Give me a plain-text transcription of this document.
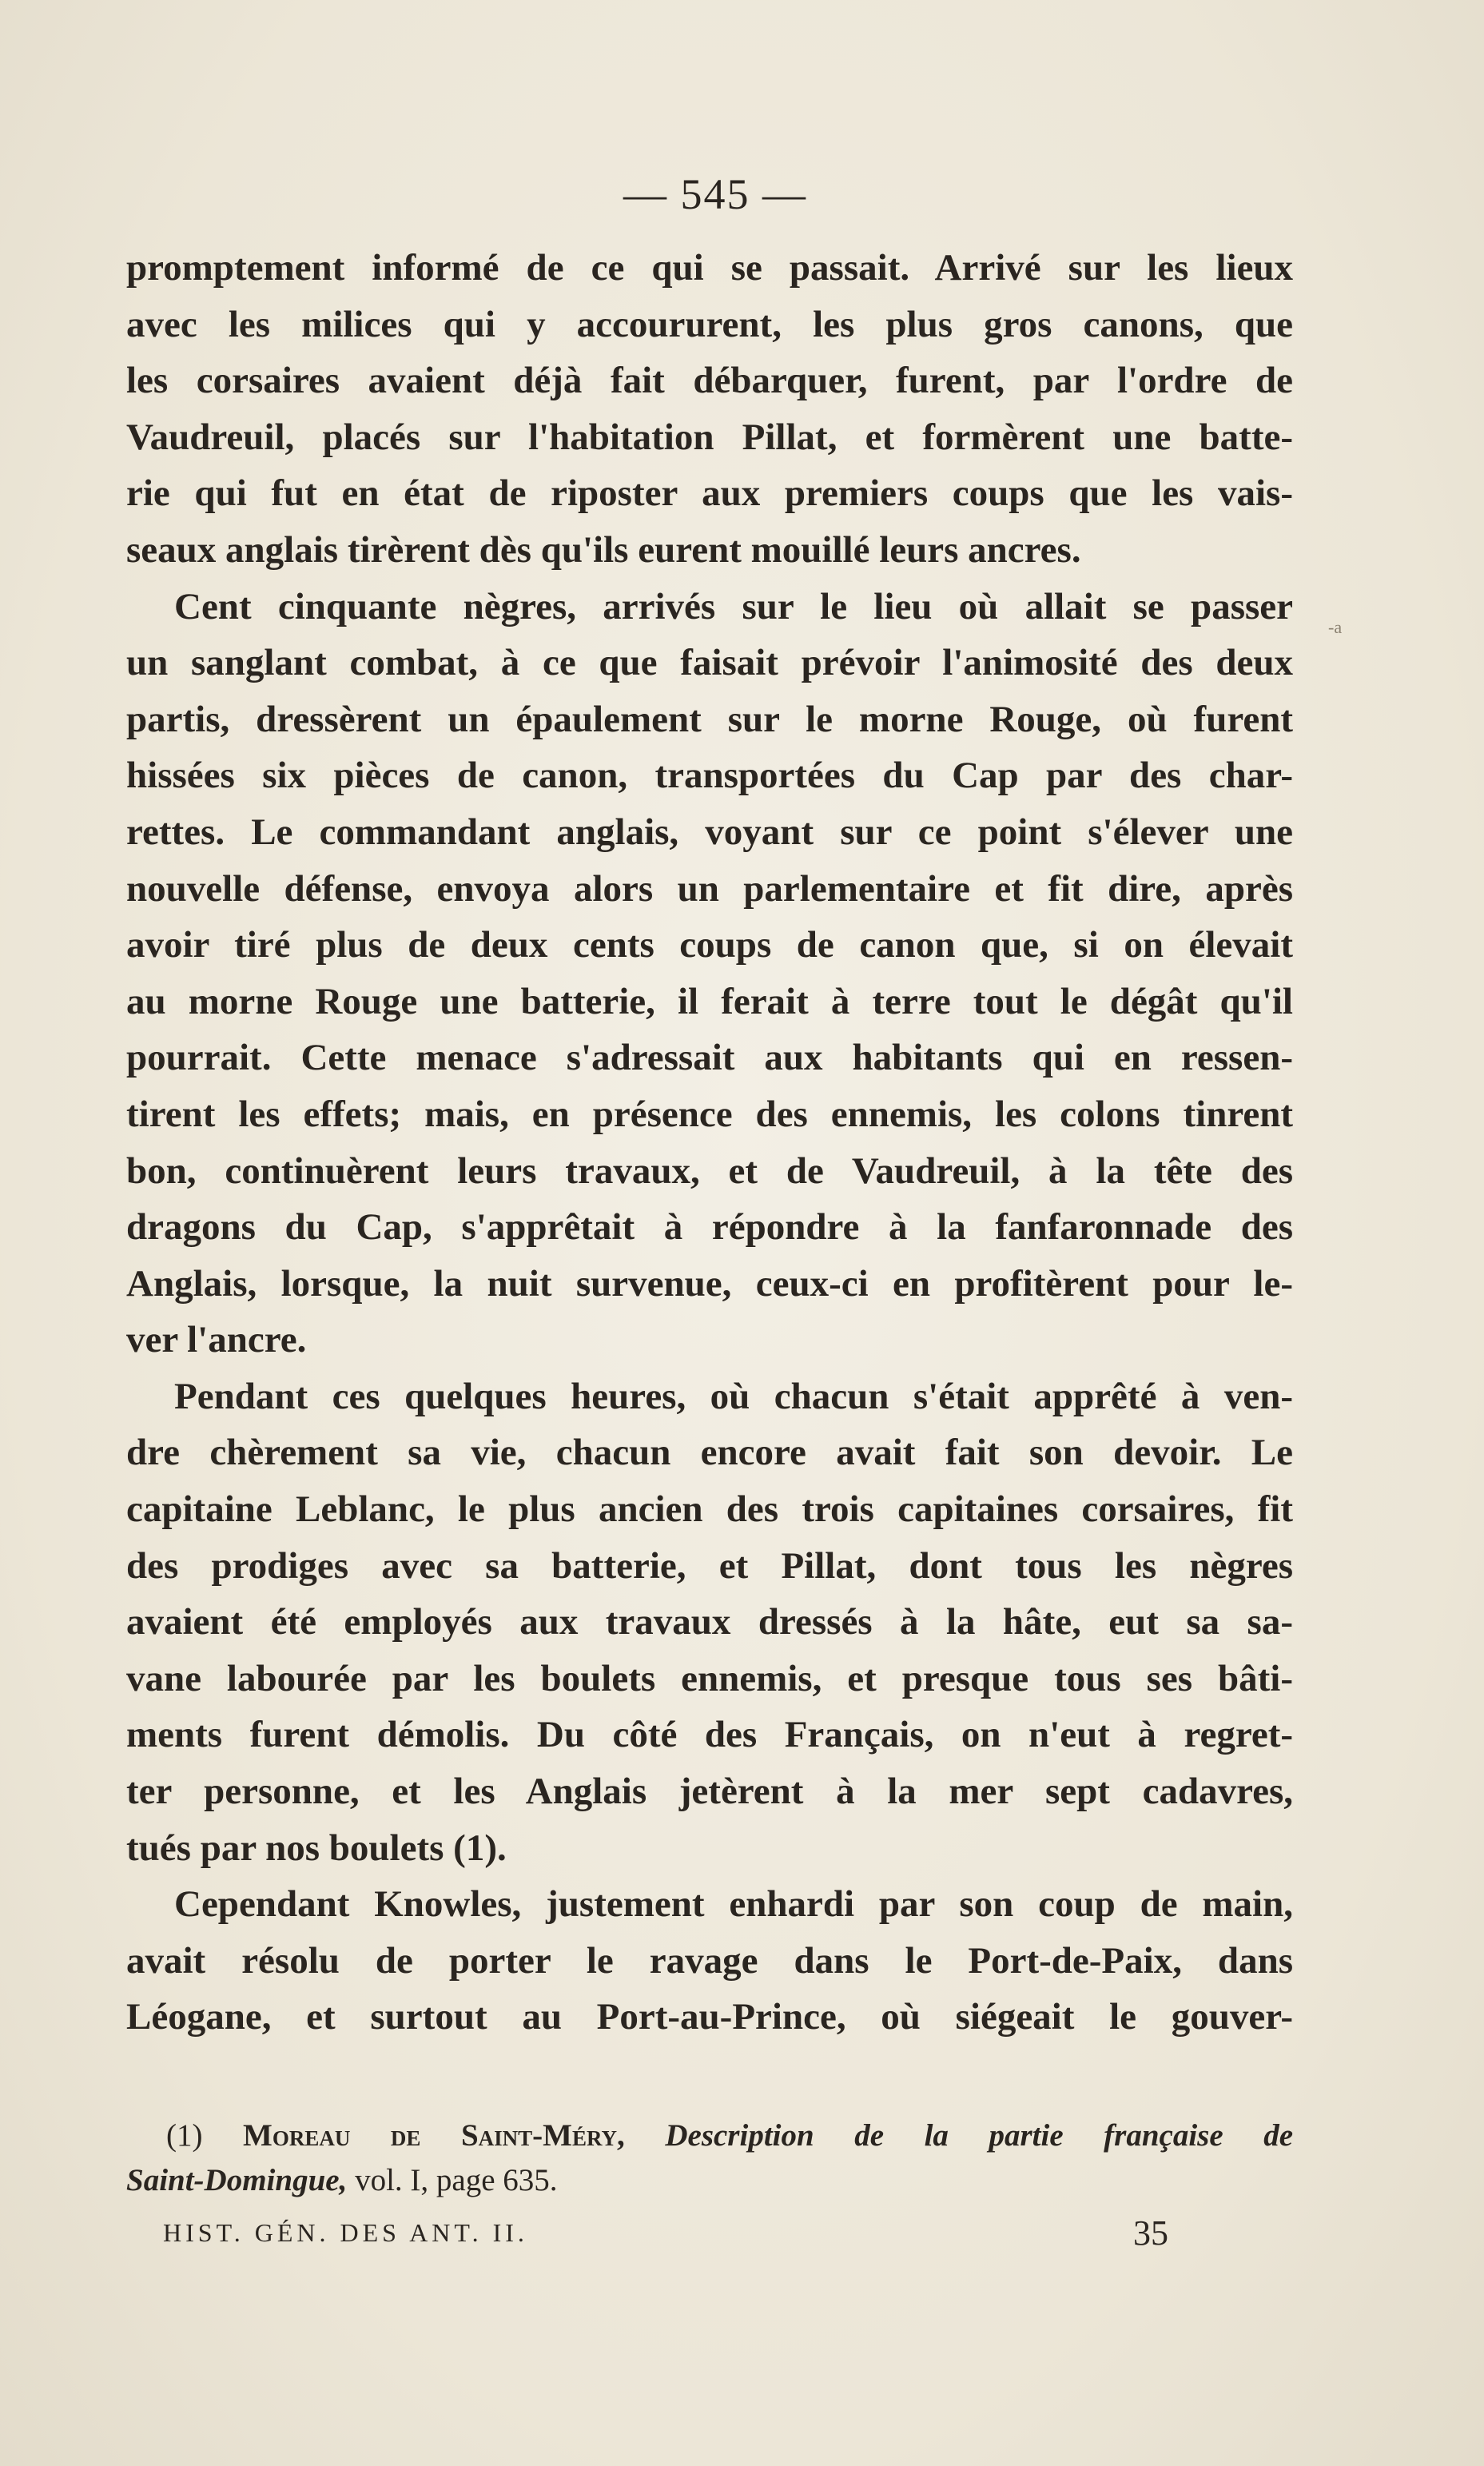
— 545 —
promptement informé de ce qui se passait. Arrivé sur les lieux
avec les milices qui y accoururent, les plus gros canons, que
les corsaires avaient déjà fait débarquer, furent, par l'ordre de
Vaudreuil, placés sur l'habitation Pillat, et formèrent une batte-
rie qui fut en état de riposter aux premiers coups que les vais-
seaux anglais tirèrent dès qu'ils eurent mouillé leurs ancres.
Cent cinquante nègres, arrivés sur le lieu où allait se passer
un sanglant combat, à ce que faisait prévoir l'animosité des deux
partis, dressèrent un épaulement sur le morne Rouge, où furent
hissées six pièces de canon, transportées du Cap par des char-
rettes. Le commandant anglais, voyant sur ce point s'élever une
nouvelle défense, envoya alors un parlementaire et fit dire, après
avoir tiré plus de deux cents coups de canon que, si on élevait
au morne Rouge une batterie, il ferait à terre tout le dégât qu'il
pourrait. Cette menace s'adressait aux habitants qui en ressen-
tirent les effets; mais, en présence des ennemis, les colons tinrent
bon, continuèrent leurs travaux, et de Vaudreuil, à la tête des
dragons du Cap, s'apprêtait à répondre à la fanfaronnade des
Anglais, lorsque, la nuit survenue, ceux-ci en profitèrent pour le-
ver l'ancre.
Pendant ces quelques heures, où chacun s'était apprêté à ven-
dre chèrement sa vie, chacun encore avait fait son devoir. Le
capitaine Leblanc, le plus ancien des trois capitaines corsaires, fit
des prodiges avec sa batterie, et Pillat, dont tous les nègres
avaient été employés aux travaux dressés à la hâte, eut sa sa-
vane labourée par les boulets ennemis, et presque tous ses bâti-
ments furent démolis. Du côté des Français, on n'eut à regret-
ter personne, et les Anglais jetèrent à la mer sept cadavres,
tués par nos boulets (1).
Cependant Knowles, justement enhardi par son coup de main,
avait résolu de porter le ravage dans le Port-de-Paix, dans
Léogane, et surtout au Port-au-Prince, où siégeait le gouver-
-a
(1) Moreau de Saint-Méry, Description de la partie française de
Saint-Domingue, vol. I, page 635.
HIST. GÉN. DES ANT. II.	35
